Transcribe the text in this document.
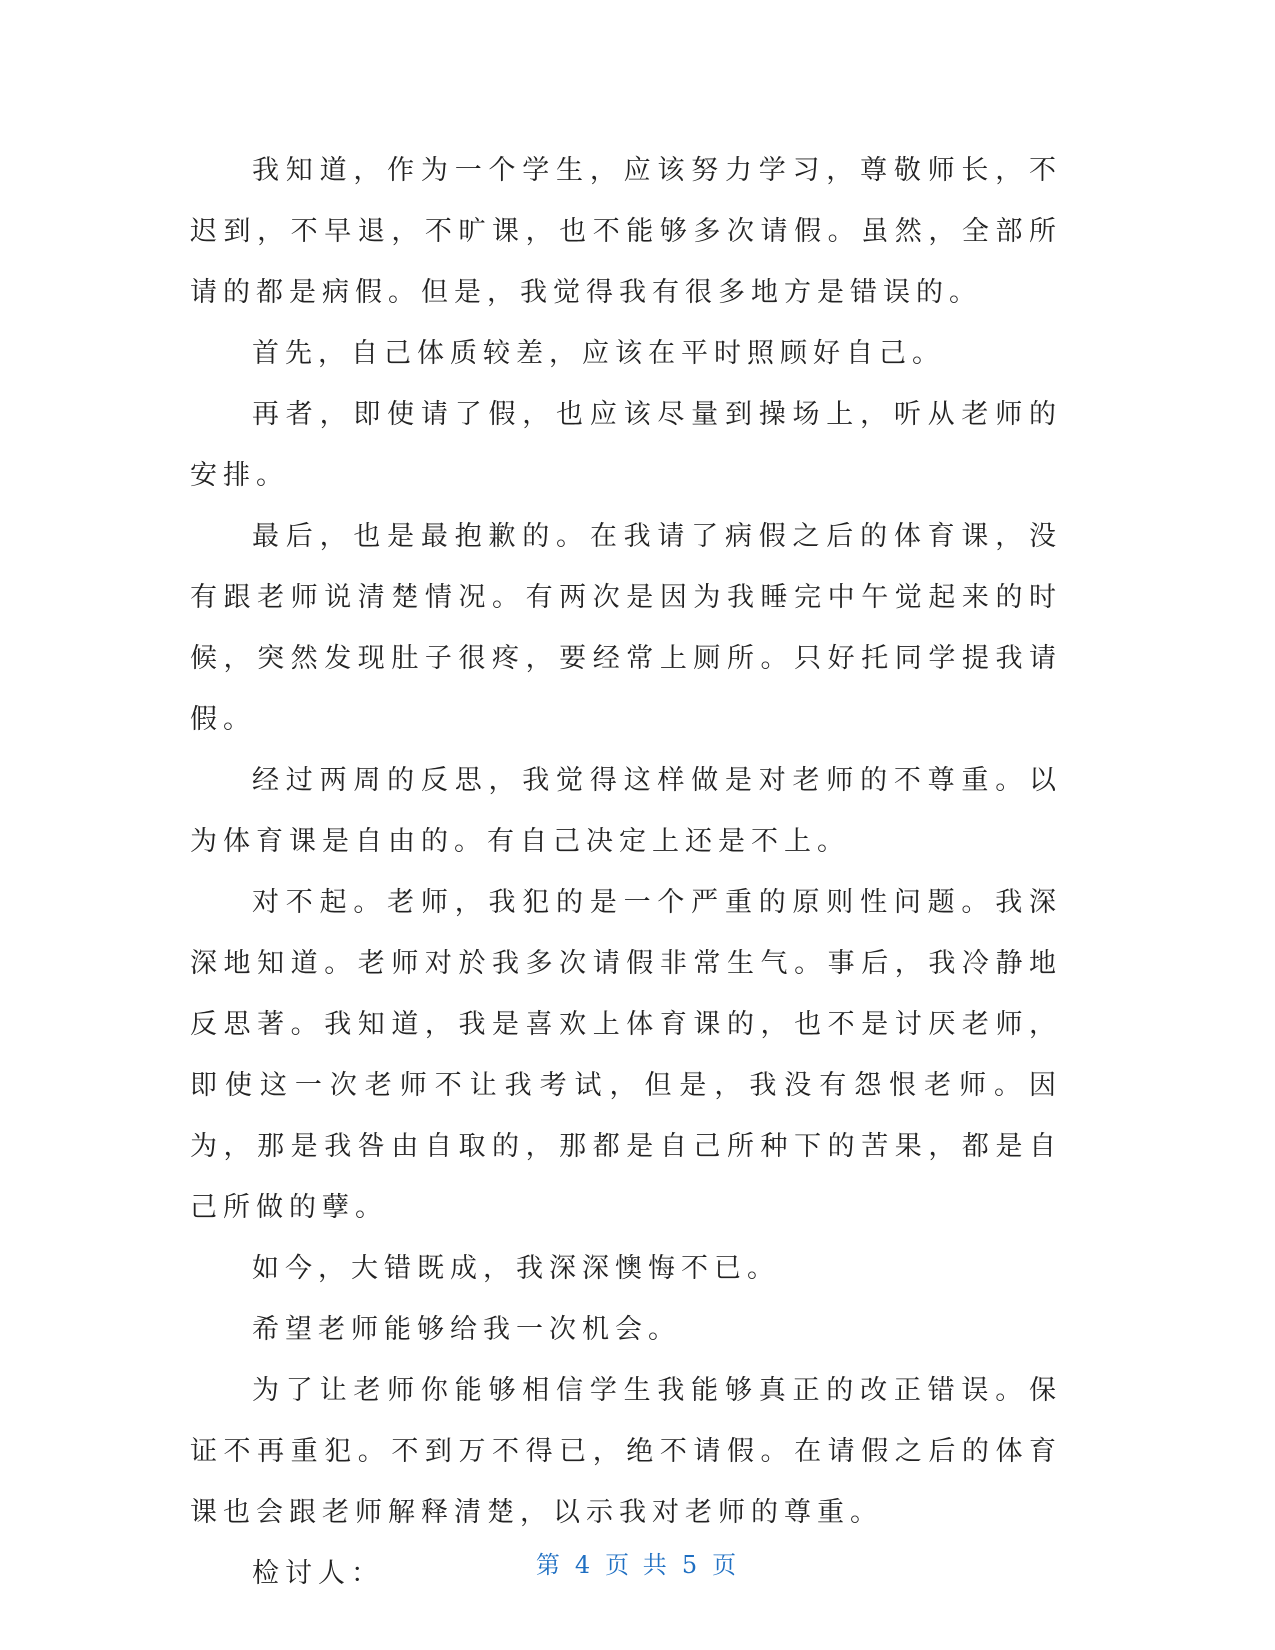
我知道，作为一个学生，应该努力学习，尊敬师长，不迟到，不早退，不旷课，也不能够多次请假。虽然，全部所请的都是病假。但是，我觉得我有很多地方是错误的。

首先，自己体质较差，应该在平时照顾好自己。

再者，即使请了假，也应该尽量到操场上，听从老师的安排。

最后，也是最抱歉的。在我请了病假之后的体育课，没有跟老师说清楚情况。有两次是因为我睡完中午觉起来的时候，突然发现肚子很疼，要经常上厕所。只好托同学提我请假。

经过两周的反思，我觉得这样做是对老师的不尊重。以为体育课是自由的。有自己决定上还是不上。

对不起。老师，我犯的是一个严重的原则性问题。我深深地知道。老师对於我多次请假非常生气。事后，我冷静地反思著。我知道，我是喜欢上体育课的，也不是讨厌老师，即使这一次老师不让我考试，但是，我没有怨恨老师。因为，那是我咎由自取的，那都是自己所种下的苦果，都是自己所做的孽。

如今，大错既成，我深深懊悔不已。

希望老师能够给我一次机会。

为了让老师你能够相信学生我能够真正的改正错误。保证不再重犯。不到万不得已，绝不请假。在请假之后的体育课也会跟老师解释清楚，以示我对老师的尊重。

检讨人：	第 4 页 共 5 页
